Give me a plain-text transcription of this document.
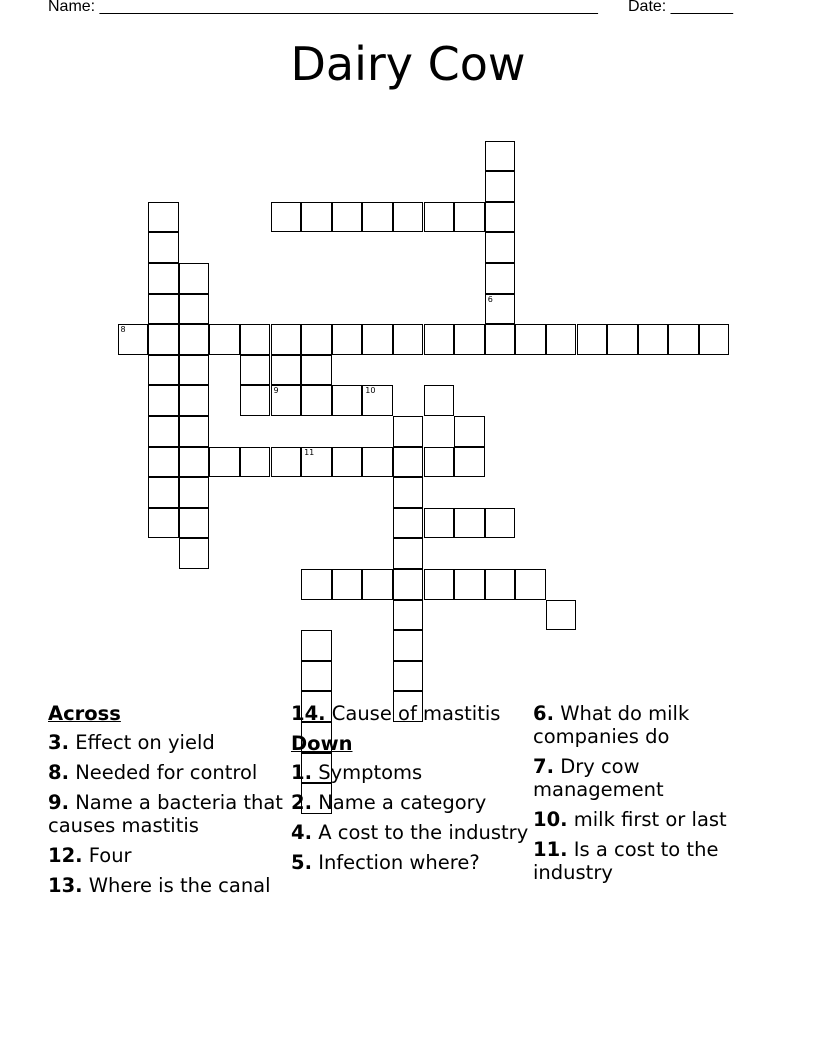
Name: ________________________________________________________ Date: _______
Dairy Cow
6
8
9	10
11
Across
3. Effect on yield
8. Needed for control
9. Name a bacteria that causes mastitis
12. Four
13. Where is the canal
14. Cause of mastitis
Down
1. Symptoms
2. Name a category
4. A cost to the industry
5. Infection where?
6. What do milk companies do
7. Dry cow management
10. milk first or last
11. Is a cost to the industry
